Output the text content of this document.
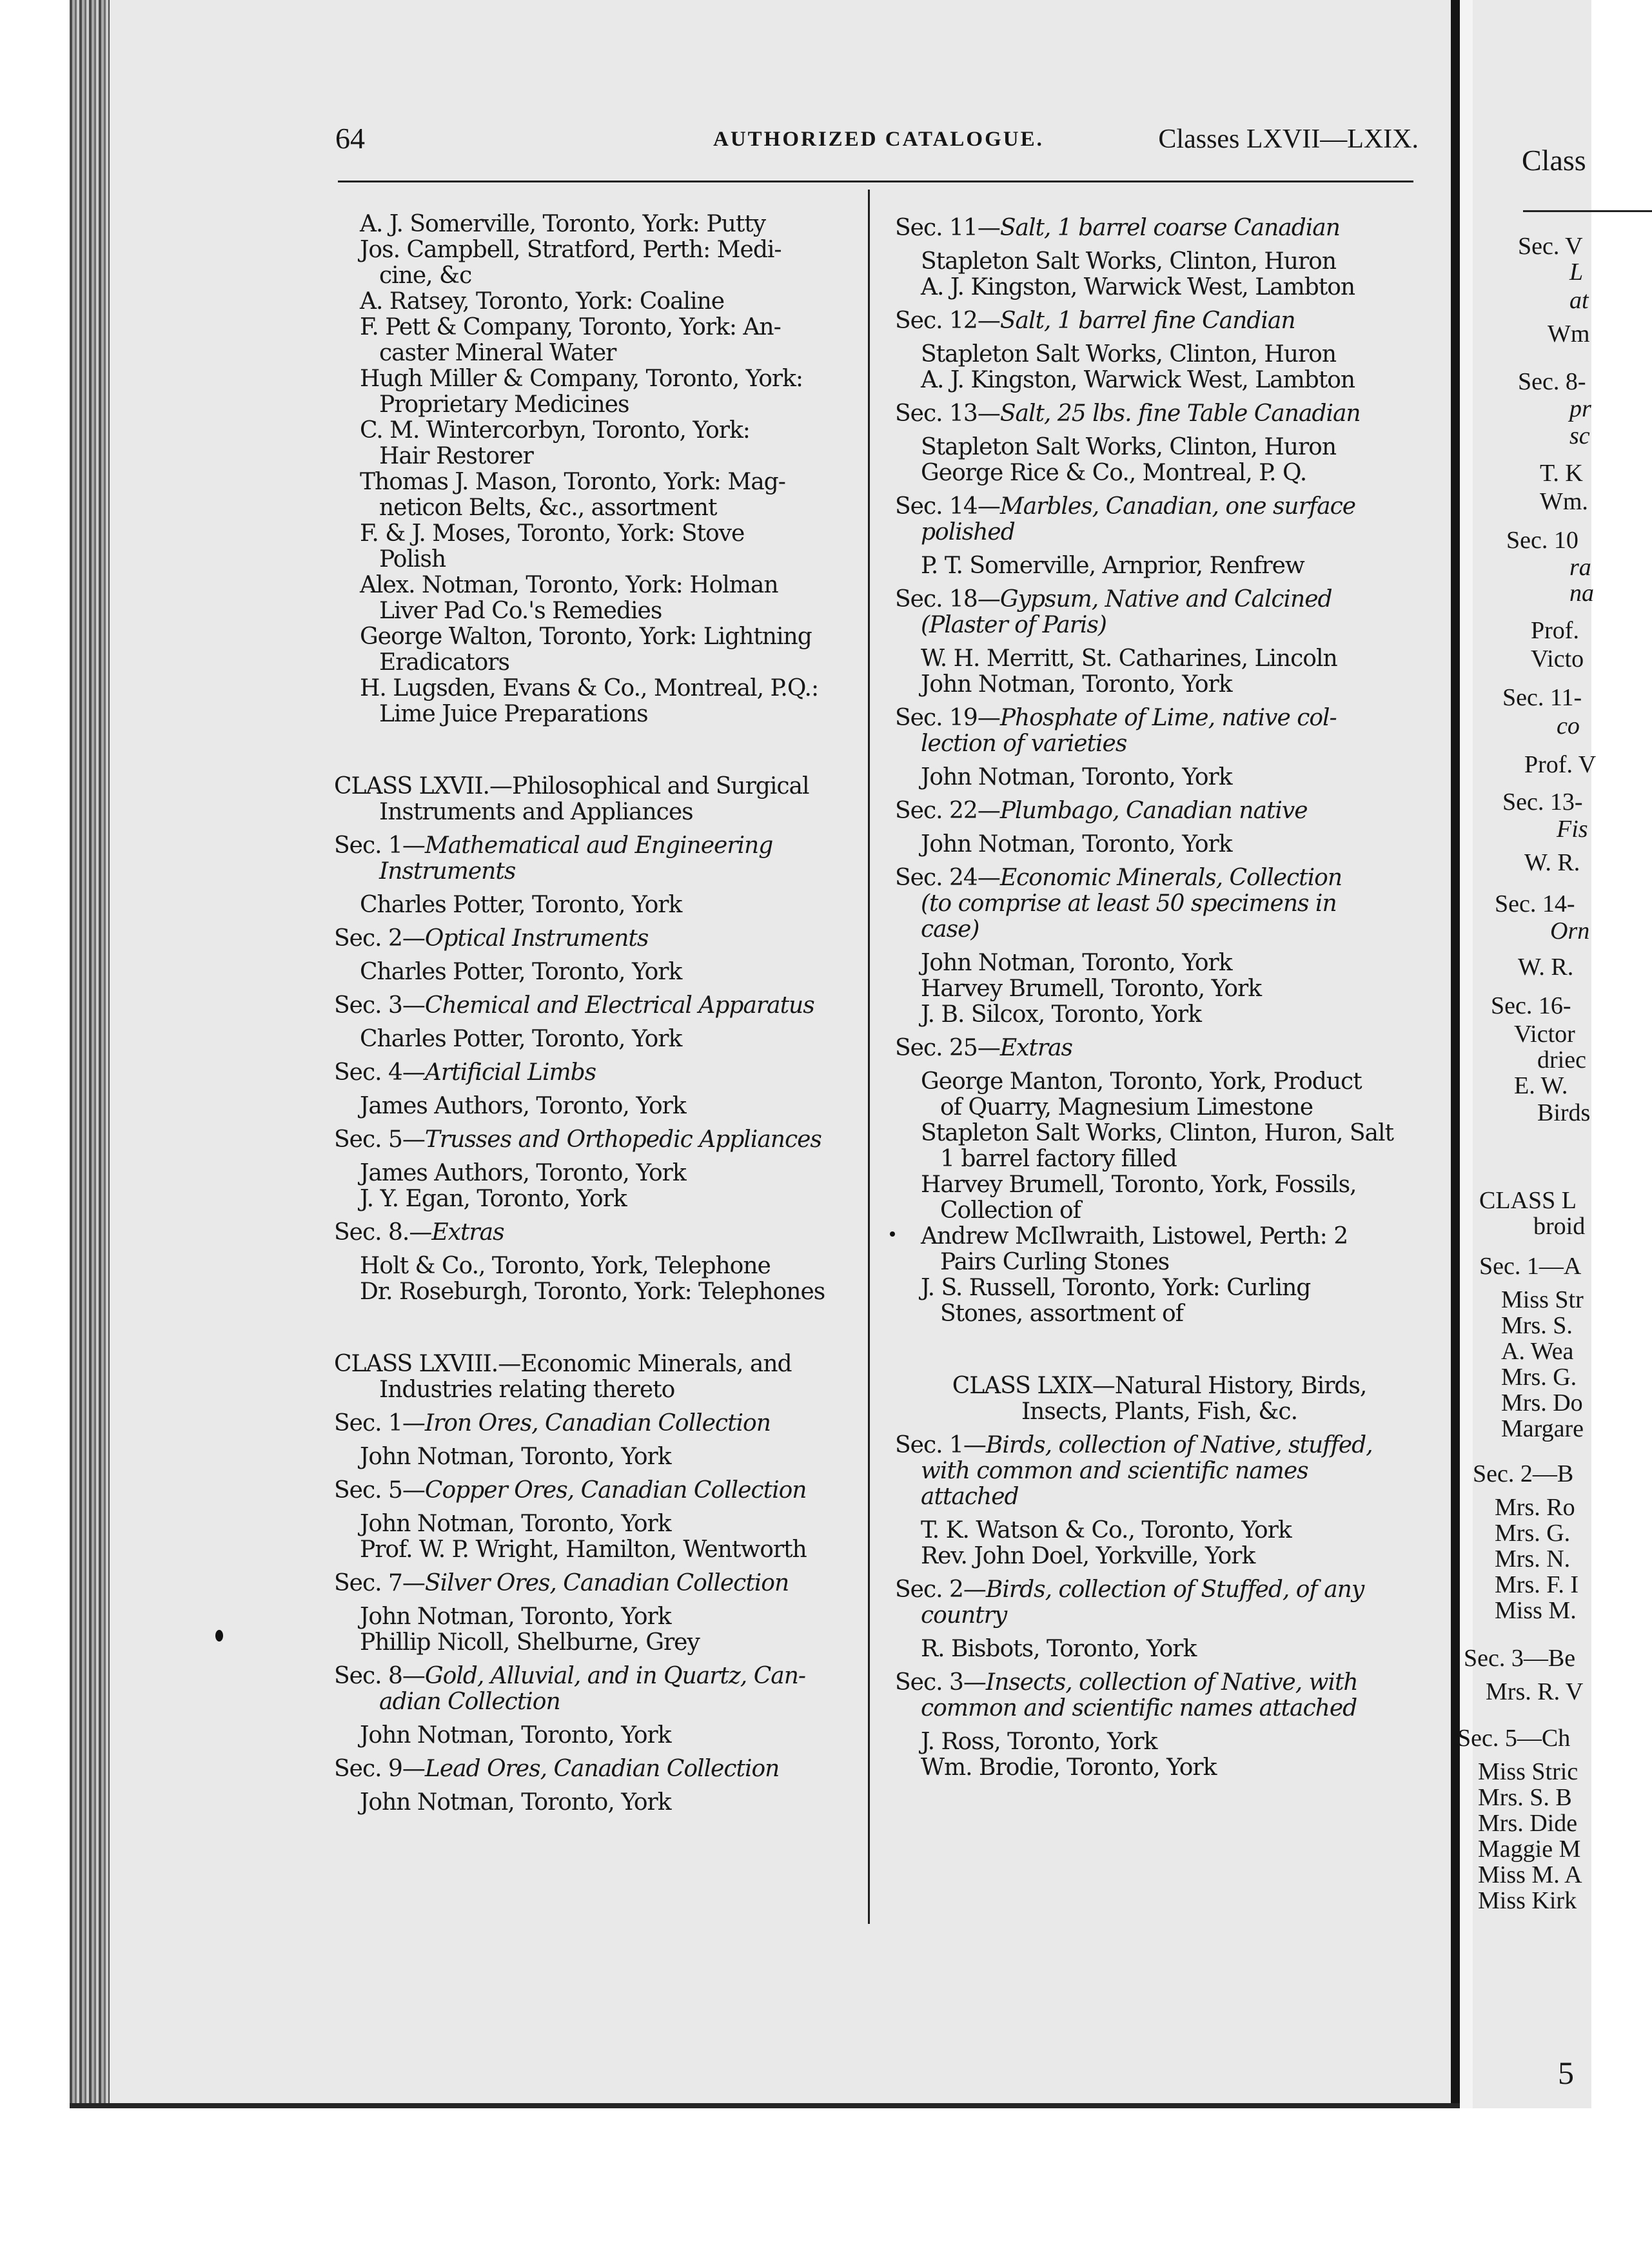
Class
5
Sec. V
L
at
Wm
Sec. 8-
pr
sc
T. K
Wm.
Sec. 10
ra
na
Prof.
Victo
Sec. 11-
co
Prof. V
Sec. 13-
Fis
W. R.
Sec. 14-
Orn
W. R.
Sec. 16-
Victor
driec
E. W.
Birds
CLASS L
broid
Sec. 1—A
Miss Str
Mrs. S.
A. Wea
Mrs. G.
Mrs. Do
Margare
Sec. 2—B
Mrs. Ro
Mrs. G.
Mrs. N.
Mrs. F. I
Miss M.
Sec. 3—Be
Mrs. R. V
Sec. 5—Ch
Miss Stric
Mrs. S. B
Mrs. Dide
Maggie M
Miss M. A
Miss Kirk
64	AUTHORIZED CATALOGUE.	Classes LXVII—LXIX.
A. J. Somerville, Toronto, York: Putty
Jos. Campbell, Stratford, Perth: Medi-
cine, &c
A. Ratsey, Toronto, York: Coaline
F. Pett & Company, Toronto, York: An-
caster Mineral Water
Hugh Miller & Company, Toronto, York:
Proprietary Medicines
C. M. Wintercorbyn, Toronto, York:
Hair Restorer
Thomas J. Mason, Toronto, York: Mag-
neticon Belts, &c., assortment
F. & J. Moses, Toronto, York: Stove
Polish
Alex. Notman, Toronto, York: Holman
Liver Pad Co.'s Remedies
George Walton, Toronto, York: Lightning
Eradicators
H. Lugsden, Evans & Co., Montreal, P.Q.:
Lime Juice Preparations
CLASS LXVII.—Philosophical and Surgical
Instruments and Appliances
Sec. 1—Mathematical aud Engineering
Instruments
Charles Potter, Toronto, York
Sec. 2—Optical Instruments
Charles Potter, Toronto, York
Sec. 3—Chemical and Electrical Apparatus
Charles Potter, Toronto, York
Sec. 4—Artificial Limbs
James Authors, Toronto, York
Sec. 5—Trusses and Orthopedic Appliances
James Authors, Toronto, York
J. Y. Egan, Toronto, York
Sec. 8.—Extras
Holt & Co., Toronto, York, Telephone
Dr. Roseburgh, Toronto, York: Telephones
CLASS LXVIII.—Economic Minerals, and
Industries relating thereto
Sec. 1—Iron Ores, Canadian Collection
John Notman, Toronto, York
Sec. 5—Copper Ores, Canadian Collection
John Notman, Toronto, York
Prof. W. P. Wright, Hamilton, Wentworth
Sec. 7—Silver Ores, Canadian Collection
John Notman, Toronto, York
Phillip Nicoll, Shelburne, Grey
Sec. 8—Gold, Alluvial, and in Quartz, Can-
adian Collection
John Notman, Toronto, York
Sec. 9—Lead Ores, Canadian Collection
John Notman, Toronto, York
Sec. 11—Salt, 1 barrel coarse Canadian
Stapleton Salt Works, Clinton, Huron
A. J. Kingston, Warwick West, Lambton
Sec. 12—Salt, 1 barrel fine Candian
Stapleton Salt Works, Clinton, Huron
A. J. Kingston, Warwick West, Lambton
Sec. 13—Salt, 25 lbs. fine Table Canadian
Stapleton Salt Works, Clinton, Huron
George Rice & Co., Montreal, P. Q.
Sec. 14—Marbles, Canadian, one surface
polished
P. T. Somerville, Arnprior, Renfrew
Sec. 18—Gypsum, Native and Calcined
(Plaster of Paris)
W. H. Merritt, St. Catharines, Lincoln
John Notman, Toronto, York
Sec. 19—Phosphate of Lime, native col-
lection of varieties
John Notman, Toronto, York
Sec. 22—Plumbago, Canadian native
John Notman, Toronto, York
Sec. 24—Economic Minerals, Collection
(to comprise at least 50 specimens in
case)
John Notman, Toronto, York
Harvey Brumell, Toronto, York
J. B. Silcox, Toronto, York
Sec. 25—Extras
George Manton, Toronto, York, Product
of Quarry, Magnesium Limestone
Stapleton Salt Works, Clinton, Huron, Salt
1 barrel factory filled
Harvey Brumell, Toronto, York, Fossils,
Collection of
Andrew McIlwraith, Listowel, Perth: 2
Pairs Curling Stones
J. S. Russell, Toronto, York: Curling
Stones, assortment of
CLASS LXIX—Natural History, Birds,
Insects, Plants, Fish, &c.
Sec. 1—Birds, collection of Native, stuffed,
with common and scientific names
attached
T. K. Watson & Co., Toronto, York
Rev. John Doel, Yorkville, York
Sec. 2—Birds, collection of Stuffed, of any
country
R. Bisbots, Toronto, York
Sec. 3—Insects, collection of Native, with
common and scientific names attached
J. Ross, Toronto, York
Wm. Brodie, Toronto, York
